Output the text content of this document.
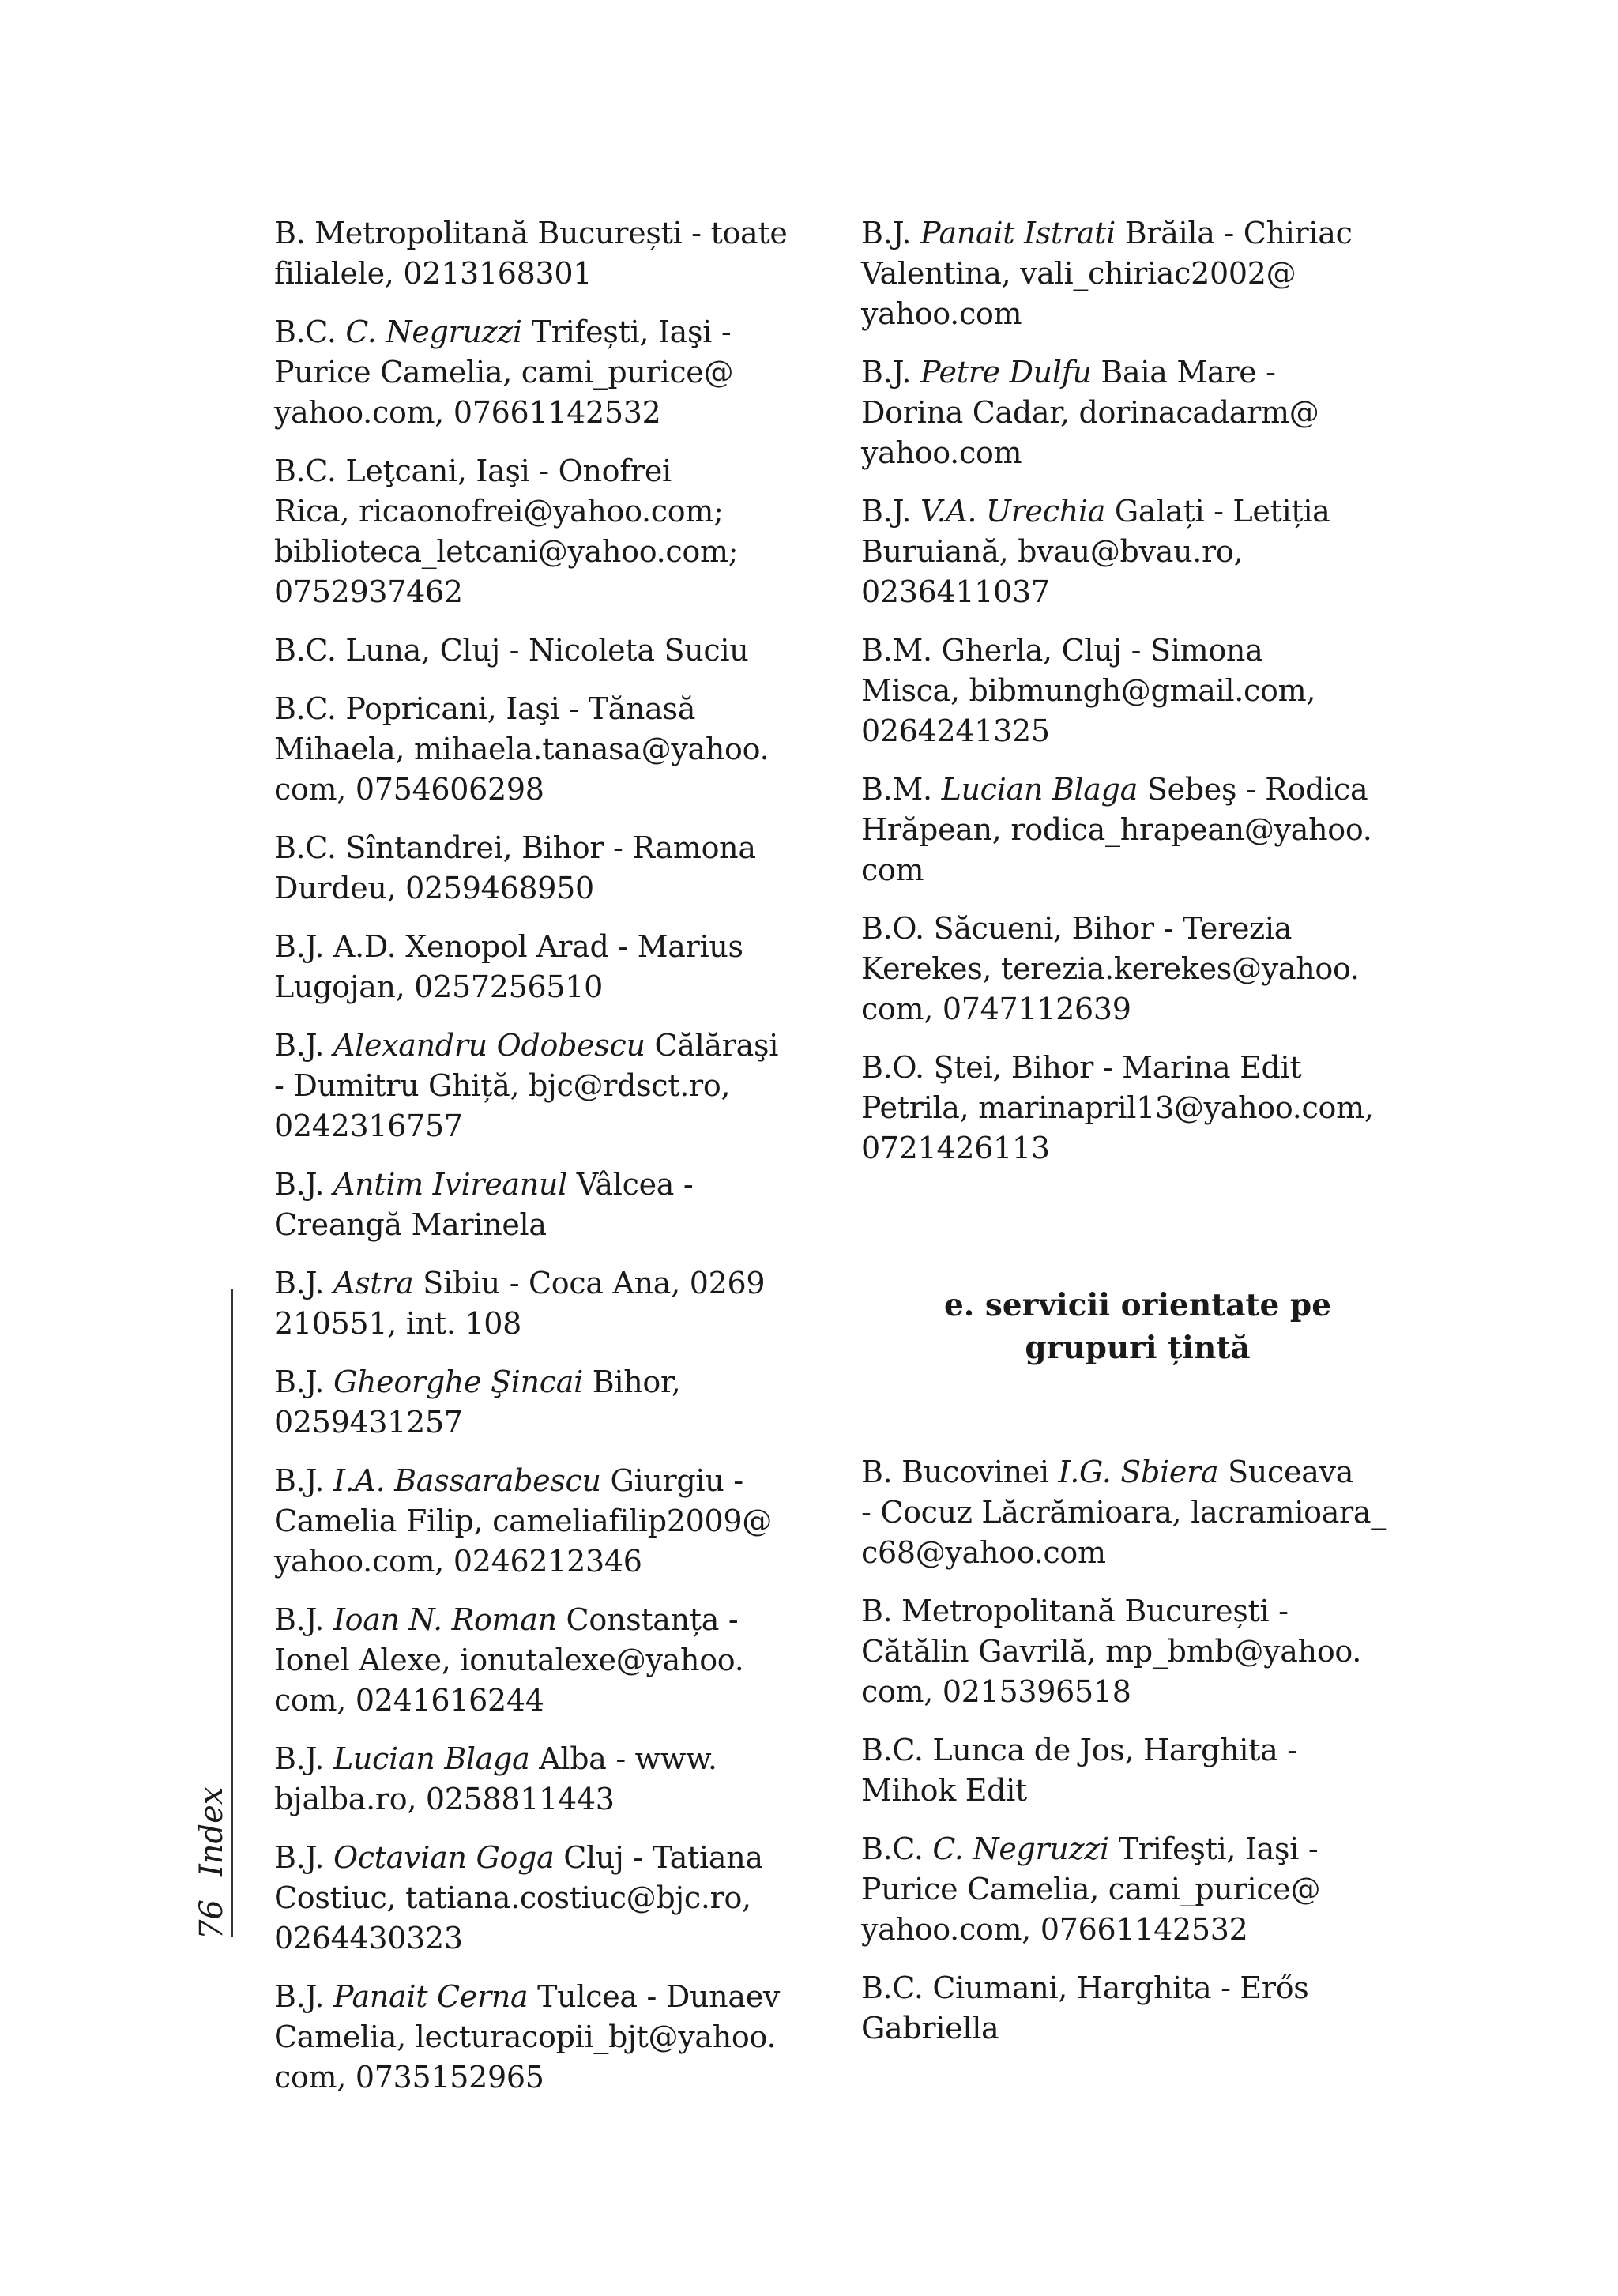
B. Metropolitană București - toate
filialele, 0213168301

B.C. C. Negruzzi Trifești, Iaşi -
Purice Camelia, cami_purice@
yahoo.com, 07661142532

B.C. Leţcani, Iaşi - Onofrei
Rica, ricaonofrei@yahoo.com;
biblioteca_letcani@yahoo.com;
0752937462

B.C. Luna, Cluj - Nicoleta Suciu

B.C. Popricani, Iaşi - Tănasă
Mihaela, mihaela.tanasa@yahoo.
com, 0754606298

B.C. Sîntandrei, Bihor - Ramona
Durdeu, 0259468950

B.J. A.D. Xenopol Arad - Marius
Lugojan, 0257256510

B.J. Alexandru Odobescu Călăraşi
- Dumitru Ghiță, bjc@rdsct.ro,
0242316757

B.J. Antim Ivireanul Vâlcea -
Creangă Marinela

B.J. Astra Sibiu - Coca Ana, 0269
210551, int. 108

B.J. Gheorghe Şincai Bihor,
0259431257

B.J. I.A. Bassarabescu Giurgiu -
Camelia Filip, cameliafilip2009@
yahoo.com, 0246212346

B.J. Ioan N. Roman Constanța -
Ionel Alexe, ionutalexe@yahoo.
com, 0241616244

B.J. Lucian Blaga Alba - www.
bjalba.ro, 0258811443

B.J. Octavian Goga Cluj - Tatiana
Costiuc, tatiana.costiuc@bjc.ro,
0264430323

B.J. Panait Cerna Tulcea - Dunaev
Camelia, lecturacopii_bjt@yahoo.
com, 0735152965

B.J. Panait Istrati Brăila - Chiriac
Valentina, vali_chiriac2002@
yahoo.com

B.J. Petre Dulfu Baia Mare -
Dorina Cadar, dorinacadarm@
yahoo.com

B.J. V.A. Urechia Galați - Letiția
Buruiană, bvau@bvau.ro,
0236411037

B.M. Gherla, Cluj - Simona
Misca, bibmungh@gmail.com,
0264241325

B.M. Lucian Blaga Sebeş - Rodica
Hrăpean, rodica_hrapean@yahoo.
com

B.O. Săcueni, Bihor - Terezia
Kerekes, terezia.kerekes@yahoo.
com, 0747112639

B.O. Ştei, Bihor - Marina Edit
Petrila, marinapril13@yahoo.com,
0721426113

e. servicii orientate pe
grupuri țintă

B. Bucovinei I.G. Sbiera Suceava
- Cocuz Lăcrămioara, lacramioara_
c68@yahoo.com

B. Metropolitană București -
Cătălin Gavrilă, mp_bmb@yahoo.
com, 0215396518

B.C. Lunca de Jos, Harghita -
Mihok Edit

B.C. C. Negruzzi Trifeşti, Iaşi -
Purice Camelia, cami_purice@
yahoo.com, 07661142532

B.C. Ciumani, Harghita - Erős
Gabriella

Index
76
